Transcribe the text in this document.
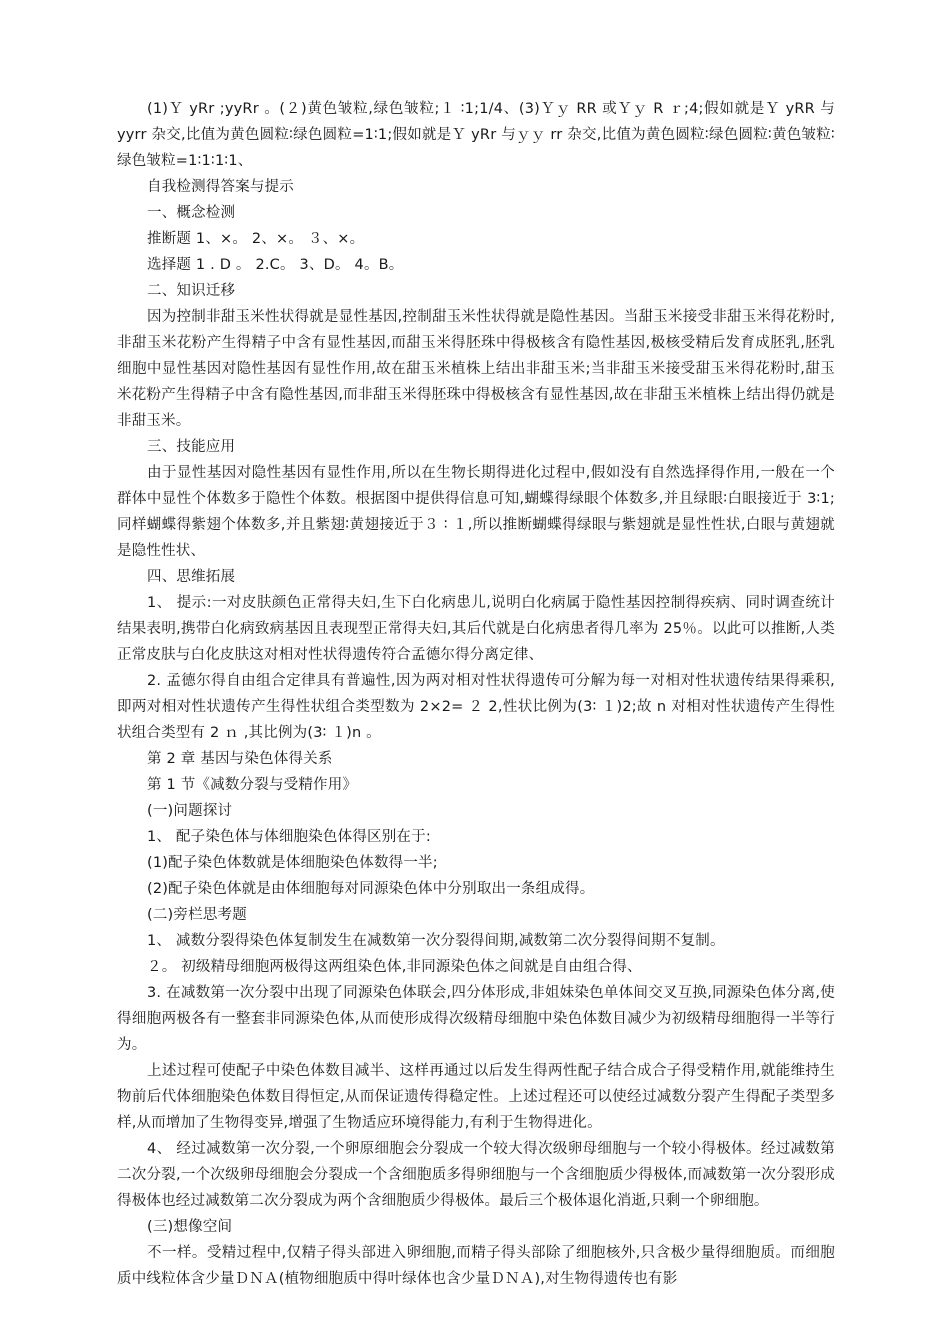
(1)Ｙ yRr ;yyRr 。(２)黄色皱粒,绿色皱粒;１ ∶1;1/4、(3)Ｙｙ RR 或Ｙｙ R ｒ;4;假如就是Ｙ yRR 与 yyrr 杂交,比值为黄色圆粒∶绿色圆粒=1∶1;假如就是Ｙ yRr 与ｙｙ rr 杂交,比值为黄色圆粒∶绿色圆粒∶黄色皱粒∶绿色皱粒=1∶1∶1∶1、

自我检测得答案与提示

一、概念检测

推断题 1、×。 2、×。 ３、×。

选择题 1 . D 。 2.C。 3、D。 4。B。

二、知识迁移

因为控制非甜玉米性状得就是显性基因,控制甜玉米性状得就是隐性基因。当甜玉米接受非甜玉米得花粉时,非甜玉米花粉产生得精子中含有显性基因,而甜玉米得胚珠中得极核含有隐性基因,极核受精后发育成胚乳,胚乳细胞中显性基因对隐性基因有显性作用,故在甜玉米植株上结出非甜玉米;当非甜玉米接受甜玉米得花粉时,甜玉米花粉产生得精子中含有隐性基因,而非甜玉米得胚珠中得极核含有显性基因,故在非甜玉米植株上结出得仍就是非甜玉米。

三、技能应用

由于显性基因对隐性基因有显性作用,所以在生物长期得进化过程中,假如没有自然选择得作用,一般在一个群体中显性个体数多于隐性个体数。根据图中提供得信息可知,蝴蝶得绿眼个体数多,并且绿眼∶白眼接近于 3∶1;同样蝴蝶得紫翅个体数多,并且紫翅∶黄翅接近于３ ∶ １,所以推断蝴蝶得绿眼与紫翅就是显性性状,白眼与黄翅就是隐性性状、

四、思维拓展

1、 提示:一对皮肤颜色正常得夫妇,生下白化病患儿,说明白化病属于隐性基因控制得疾病、同时调查统计结果表明,携带白化病致病基因且表现型正常得夫妇,其后代就是白化病患者得几率为 25％。以此可以推断,人类正常皮肤与白化皮肤这对相对性状得遗传符合孟德尔得分离定律、

2. 孟德尔得自由组合定律具有普遍性,因为两对相对性状得遗传可分解为每一对相对性状遗传结果得乘积,即两对相对性状遗传产生得性状组合类型数为 2×2= ２ 2,性状比例为(3∶ １)2;故 n 对相对性状遗传产生得性状组合类型有 2 ｎ ,其比例为(3∶ １)n 。

第 2 章 基因与染色体得关系

第 1 节《减数分裂与受精作用》

(一)问题探讨

1、 配子染色体与体细胞染色体得区别在于:

(1)配子染色体数就是体细胞染色体数得一半;

(2)配子染色体就是由体细胞每对同源染色体中分别取出一条组成得。

(二)旁栏思考题

1、 减数分裂得染色体复制发生在减数第一次分裂得间期,减数第二次分裂得间期不复制。

２。 初级精母细胞两极得这两组染色体,非同源染色体之间就是自由组合得、

3. 在减数第一次分裂中出现了同源染色体联会,四分体形成,非姐妹染色单体间交叉互换,同源染色体分离,使得细胞两极各有一整套非同源染色体,从而使形成得次级精母细胞中染色体数目减少为初级精母细胞得一半等行为。

上述过程可使配子中染色体数目减半、这样再通过以后发生得两性配子结合成合子得受精作用,就能维持生物前后代体细胞染色体数目得恒定,从而保证遗传得稳定性。上述过程还可以使经过减数分裂产生得配子类型多样,从而增加了生物得变异,增强了生物适应环境得能力,有利于生物得进化。

4、 经过减数第一次分裂,一个卵原细胞会分裂成一个较大得次级卵母细胞与一个较小得极体。经过减数第二次分裂,一个次级卵母细胞会分裂成一个含细胞质多得卵细胞与一个含细胞质少得极体,而减数第一次分裂形成得极体也经过减数第二次分裂成为两个含细胞质少得极体。最后三个极体退化消逝,只剩一个卵细胞。

(三)想像空间

不一样。受精过程中,仅精子得头部进入卵细胞,而精子得头部除了细胞核外,只含极少量得细胞质。而细胞质中线粒体含少量ＤＮＡ(植物细胞质中得叶绿体也含少量ＤＮＡ),对生物得遗传也有影
